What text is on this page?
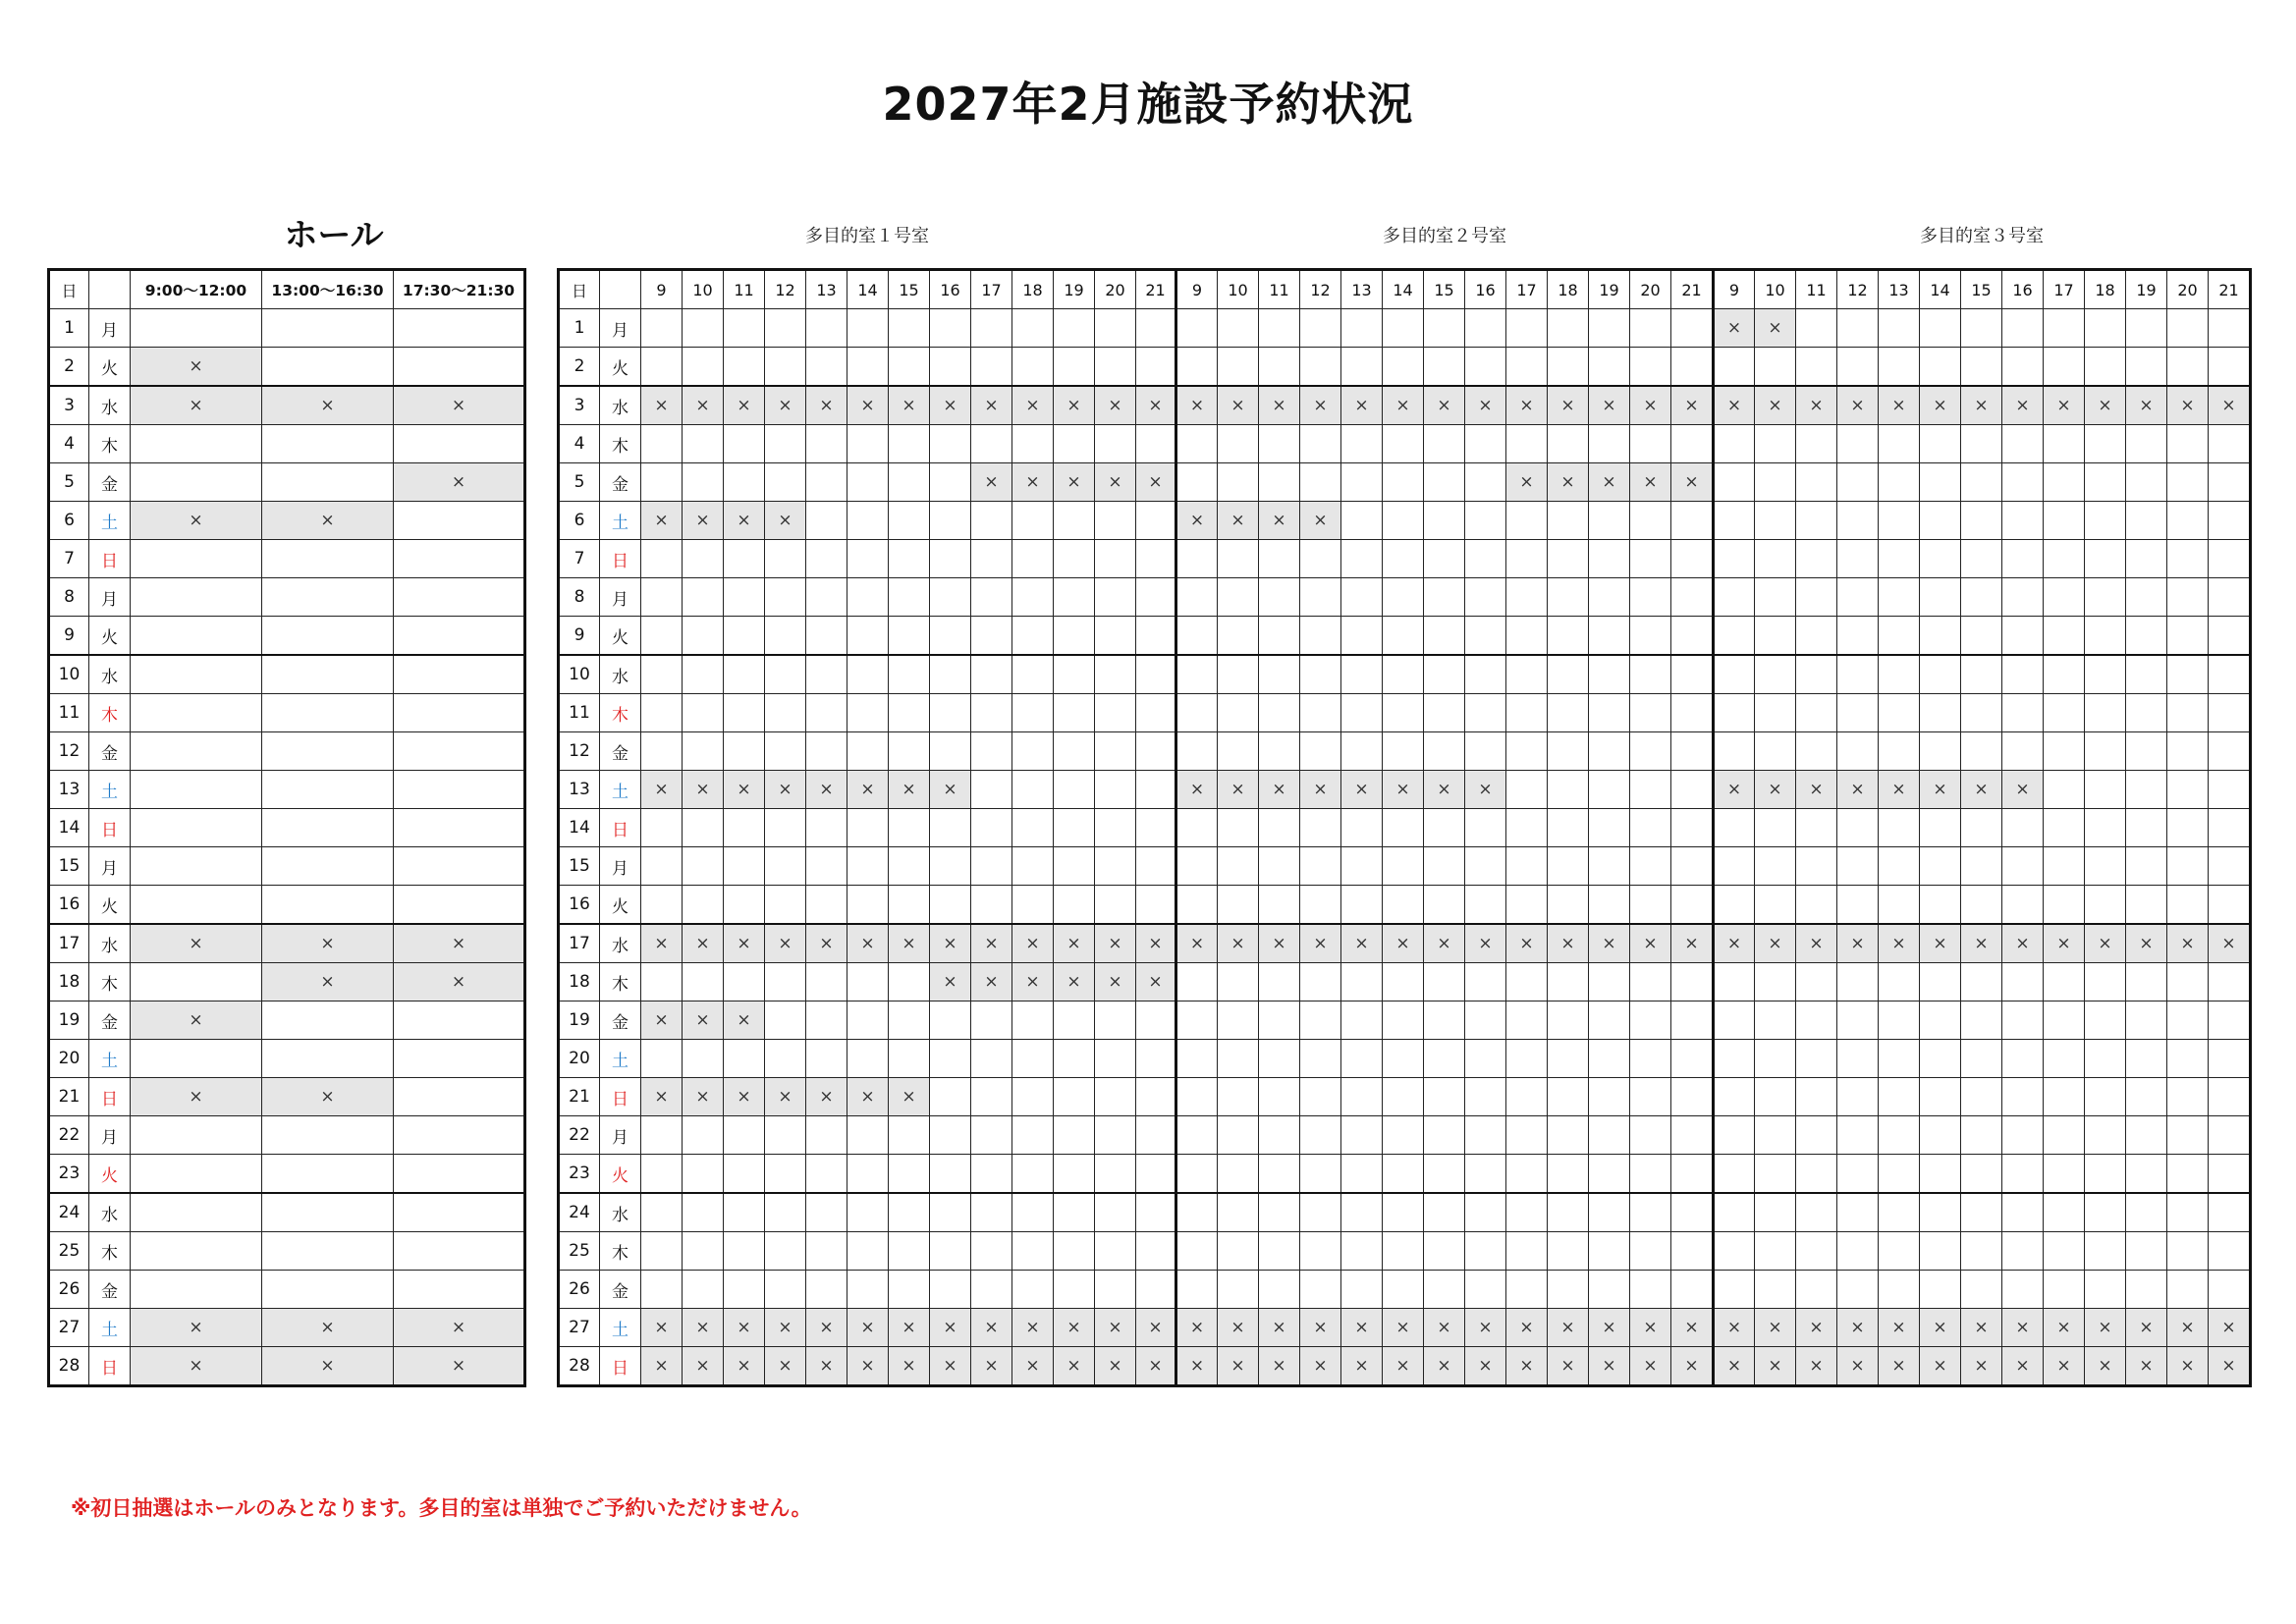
2027年2月施設予約状況
ホール	多目的室１号室	多目的室２号室	多目的室３号室
日		9:00～12:00	13:00～16:30	17:30～21:30
1	月			
2	火	×		
3	水	×	×	×
4	木			
5	金			×
6	土	×	×	
7	日			
8	月			
9	火			
10	水			
11	木			
12	金			
13	土			
14	日			
15	月			
16	火			
17	水	×	×	×
18	木		×	×
19	金	×		
20	土			
21	日	×	×	
22	月			
23	火			
24	水			
25	木			
26	金			
27	土	×	×	×
28	日	×	×	×
日		9	10	11	12	13	14	15	16	17	18	19	20	21	9	10	11	12	13	14	15	16	17	18	19	20	21	9	10	11	12	13	14	15	16	17	18	19	20	21
1	月																											×	×											
2	火																																							
3	水	×	×	×	×	×	×	×	×	×	×	×	×	×	×	×	×	×	×	×	×	×	×	×	×	×	×	×	×	×	×	×	×	×	×	×	×	×	×	×
4	木																																							
5	金									×	×	×	×	×									×	×	×	×	×													
6	土	×	×	×	×										×	×	×	×																						
7	日																																							
8	月																																							
9	火																																							
10	水																																							
11	木																																							
12	金																																							
13	土	×	×	×	×	×	×	×	×						×	×	×	×	×	×	×	×						×	×	×	×	×	×	×	×					
14	日																																							
15	月																																							
16	火																																							
17	水	×	×	×	×	×	×	×	×	×	×	×	×	×	×	×	×	×	×	×	×	×	×	×	×	×	×	×	×	×	×	×	×	×	×	×	×	×	×	×
18	木								×	×	×	×	×	×																										
19	金	×	×	×																																				
20	土																																							
21	日	×	×	×	×	×	×	×																																
22	月																																							
23	火																																							
24	水																																							
25	木																																							
26	金																																							
27	土	×	×	×	×	×	×	×	×	×	×	×	×	×	×	×	×	×	×	×	×	×	×	×	×	×	×	×	×	×	×	×	×	×	×	×	×	×	×	×
28	日	×	×	×	×	×	×	×	×	×	×	×	×	×	×	×	×	×	×	×	×	×	×	×	×	×	×	×	×	×	×	×	×	×	×	×	×	×	×	×
※初日抽選はホールのみとなります。多目的室は単独でご予約いただけません。
